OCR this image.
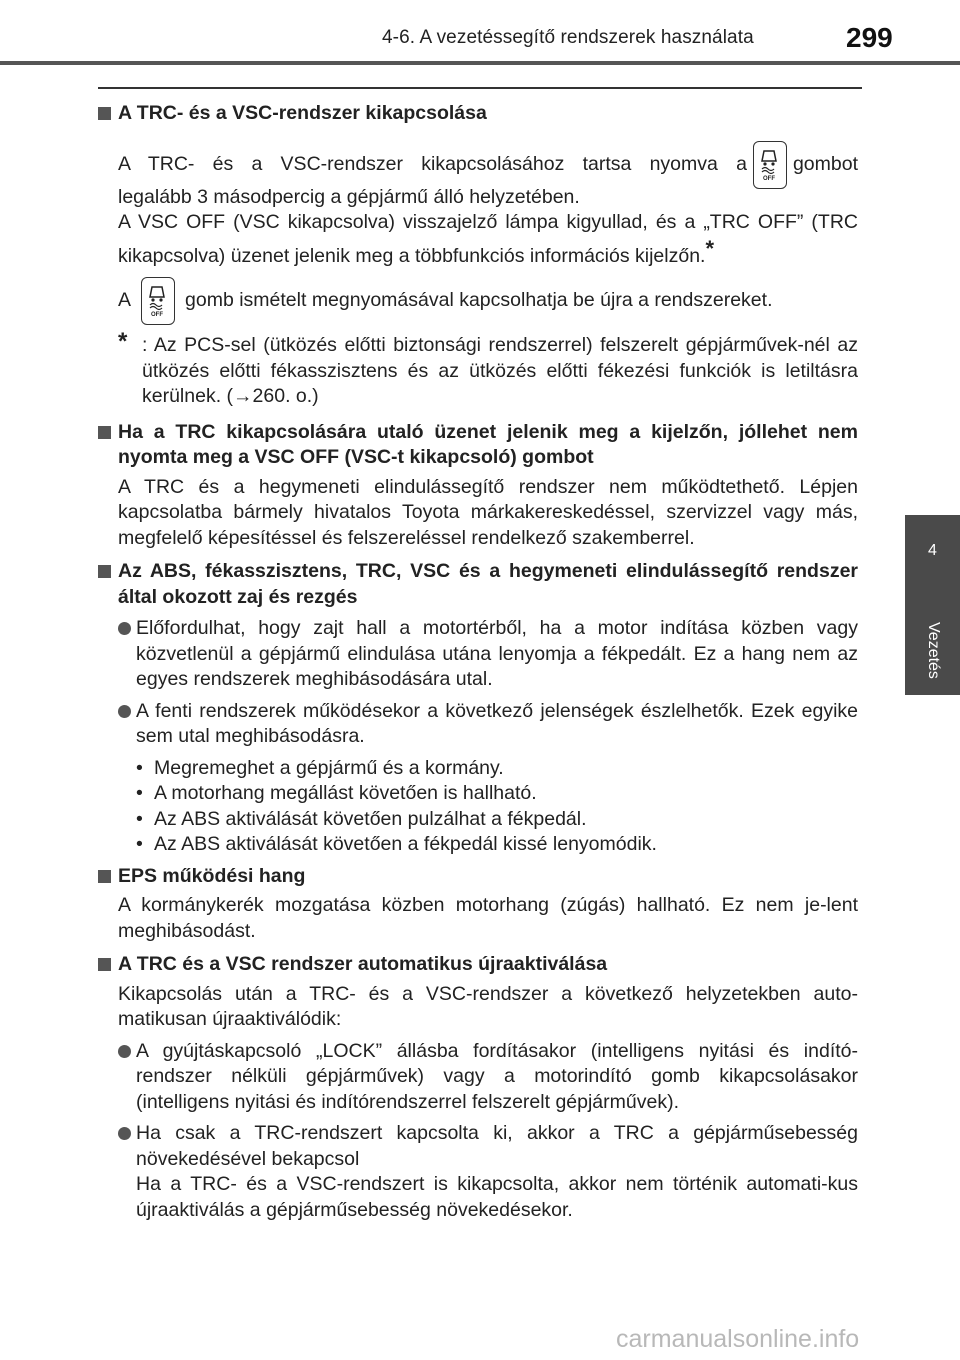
4-6. A vezetéssegítő rendszerek használata	299
4
Vezetés
A TRC- és a VSC-rendszer kikapcsolása
A TRC- és a VSC-rendszer kikapcsolásához tartsa nyomva a
OFF
gombot
legalább 3 másodpercig a gépjármű álló helyzetében.
A VSC OFF (VSC kikapcsolva) visszajelző lámpa kigyullad, és a „TRC OFF” (TRC kikapcsolva) üzenet jelenik meg a többfunkciós információs kijelzőn.*
A
OFF
gomb ismételt megnyomásával kapcsolhatja be újra a rendszereket.
* : Az PCS-sel (ütközés előtti biztonsági rendszerrel) felszerelt gépjárművek-nél az ütközés előtti fékasszisztens és az ütközés előtti fékezési funkciók is letiltásra kerülnek. (→260. o.)
Ha a TRC kikapcsolására utaló üzenet jelenik meg a kijelzőn, jóllehet nem nyomta meg a VSC OFF (VSC-t kikapcsoló) gombot
A TRC és a hegymeneti elindulássegítő rendszer nem működtethető. Lépjen kapcsolatba bármely hivatalos Toyota márkakereskedéssel, szervizzel vagy más, megfelelő képesítéssel és felszereléssel rendelkező szakemberrel.
Az ABS, fékasszisztens, TRC, VSC és a hegymeneti elindulássegítő rendszer által okozott zaj és rezgés
Előfordulhat, hogy zajt hall a motortérből, ha a motor indítása közben vagy közvetlenül a gépjármű elindulása utána lenyomja a fékpedált. Ez a hang nem az egyes rendszerek meghibásodására utal.
A fenti rendszerek működésekor a következő jelenségek észlelhetők. Ezek egyike sem utal meghibásodásra.
• Megremeghet a gépjármű és a kormány.
• A motorhang megállást követően is hallható.
• Az ABS aktiválását követően pulzálhat a fékpedál.
• Az ABS aktiválását követően a fékpedál kissé lenyomódik.
EPS működési hang
A kormánykerék mozgatása közben motorhang (zúgás) hallható. Ez nem je-lent meghibásodást.
A TRC és a VSC rendszer automatikus újraaktiválása
Kikapcsolás után a TRC- és a VSC-rendszer a következő helyzetekben auto-matikusan újraaktiválódik:
A gyújtáskapcsoló „LOCK” állásba fordításakor (intelligens nyitási és indító-rendszer nélküli gépjárművek) vagy a motorindító gomb kikapcsolásakor (intelligens nyitási és indítórendszerrel felszerelt gépjárművek).
Ha csak a TRC-rendszert kapcsolta ki, akkor a TRC a gépjárműsebesség növekedésével bekapcsol
Ha a TRC- és a VSC-rendszert is kikapcsolta, akkor nem történik automati-kus újraaktiválás a gépjárműsebesség növekedésekor.
carmanualsonline.info
